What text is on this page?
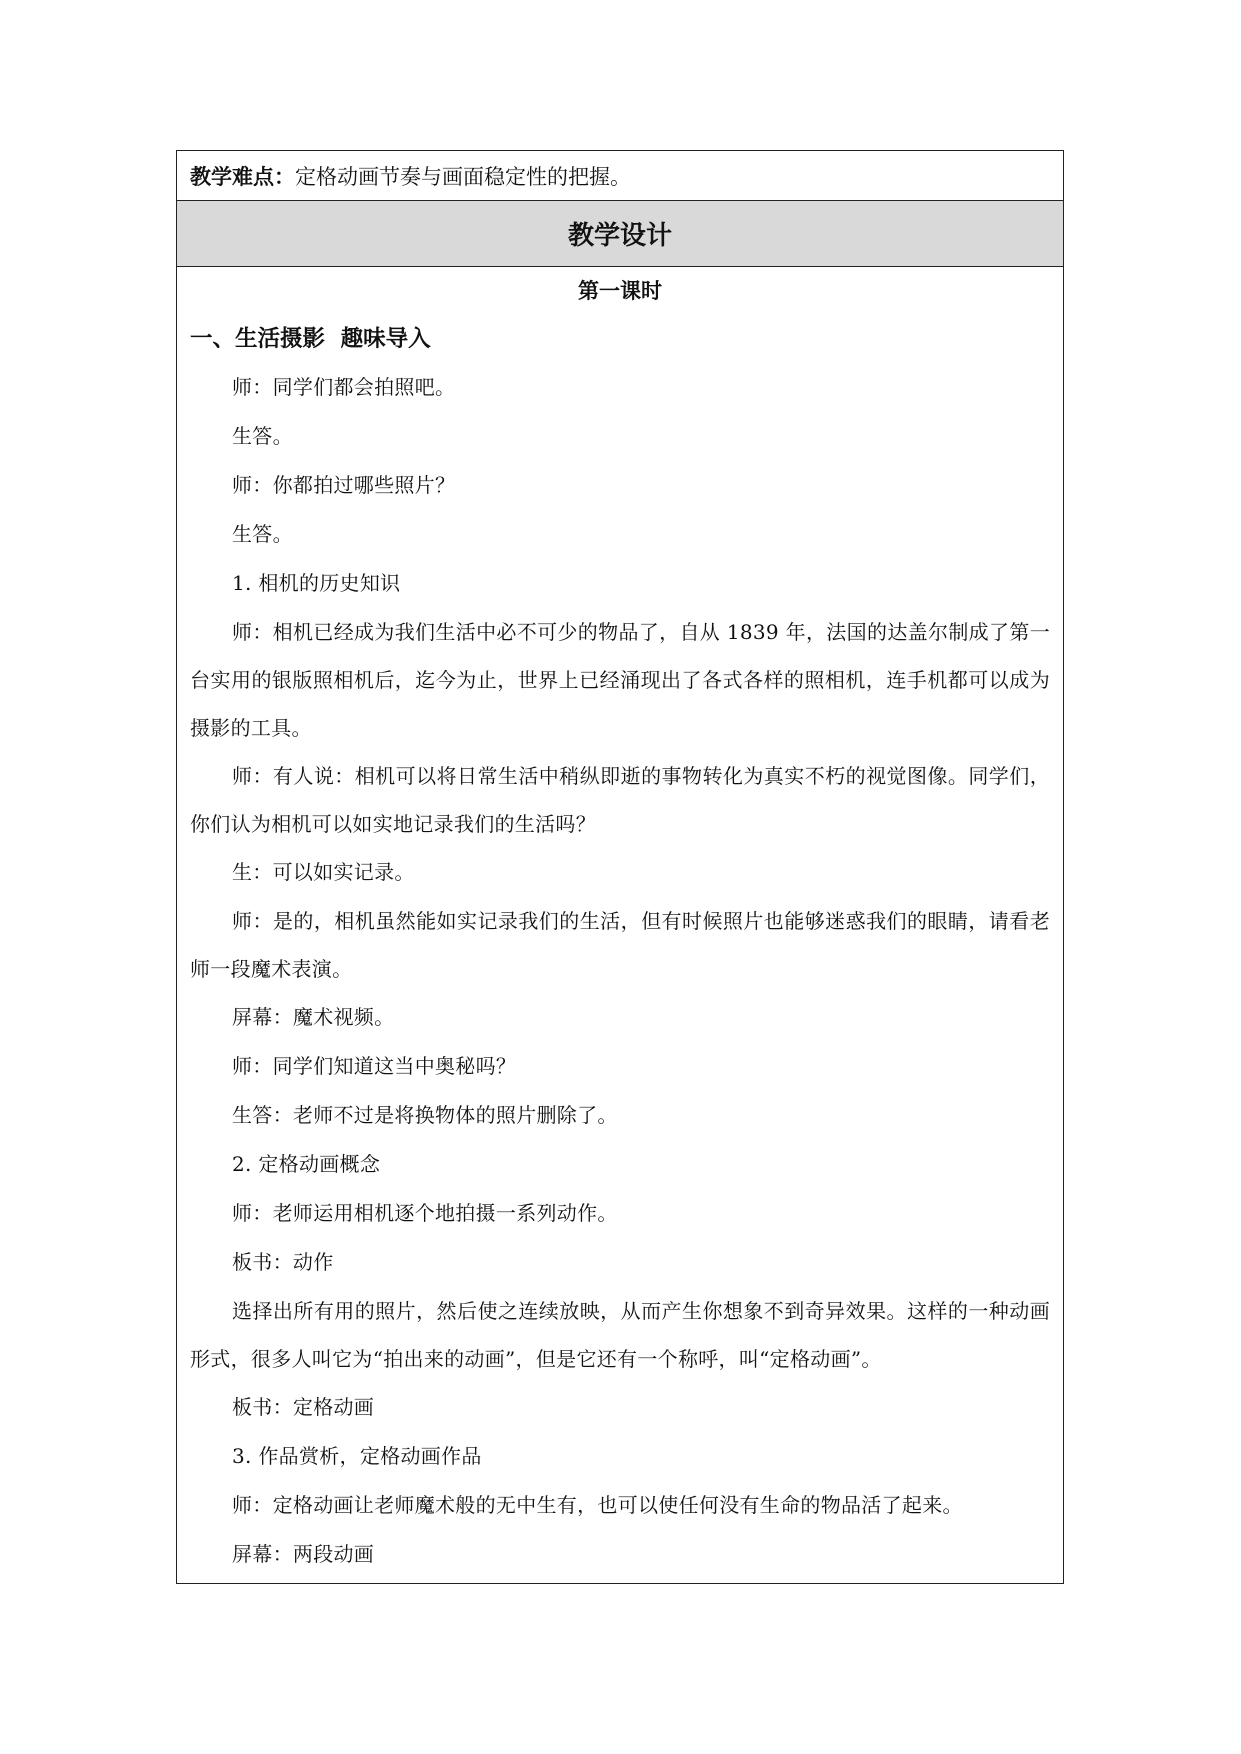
教学难点： 定格动画节奏与画面稳定性的把握。
教学设计
第一课时
一、生活摄影  趣味导入
师：同学们都会拍照吧。
生答。
师：你都拍过哪些照片？
生答。
1. 相机的历史知识
师：相机已经成为我们生活中必不可少的物品了，自从 1839 年，法国的达盖尔制成了第一台实用的银版照相机后，迄今为止，世界上已经涌现出了各式各样的照相机，连手机都可以成为摄影的工具。
师：有人说：相机可以将日常生活中稍纵即逝的事物转化为真实不朽的视觉图像。同学们，你们认为相机可以如实地记录我们的生活吗？
生：可以如实记录。
师：是的，相机虽然能如实记录我们的生活，但有时候照片也能够迷惑我们的眼睛，请看老师一段魔术表演。
屏幕：魔术视频。
师：同学们知道这当中奥秘吗？
生答：老师不过是将换物体的照片删除了。
2. 定格动画概念
师：老师运用相机逐个地拍摄一系列动作。
板书：动作
选择出所有用的照片，然后使之连续放映，从而产生你想象不到奇异效果。这样的一种动画形式，很多人叫它为“拍出来的动画”，但是它还有一个称呼，叫“定格动画”。
板书：定格动画
3. 作品赏析，定格动画作品
师：定格动画让老师魔术般的无中生有，也可以使任何没有生命的物品活了起来。
屏幕：两段动画
